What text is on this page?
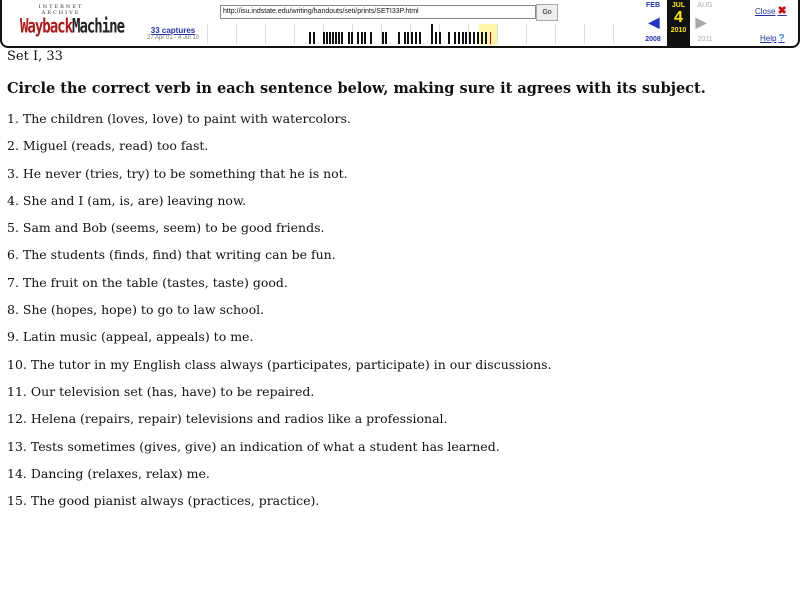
INTERNET ARCHIVE
WaybackMachine	33 captures
27 Apr 01 - 4 Jul 10
http://isu.indstate.edu/writing/handouts/seti/prints/SETI33P.html	Go
FEB
◀
2008
JUL
4
2010
AUG
▶
2011
Close ✖
Help ?
Set I, 33
Circle the correct verb in each sentence below, making sure it agrees with its subject.
1. The children (loves, love) to paint with watercolors.
2. Miguel (reads, read) too fast.
3. He never (tries, try) to be something that he is not.
4. She and I (am, is, are) leaving now.
5. Sam and Bob (seems, seem) to be good friends.
6. The students (finds, find) that writing can be fun.
7. The fruit on the table (tastes, taste) good.
8. She (hopes, hope) to go to law school.
9. Latin music (appeal, appeals) to me.
10. The tutor in my English class always (participates, participate) in our discussions.
11. Our television set (has, have) to be repaired.
12. Helena (repairs, repair) televisions and radios like a professional.
13. Tests sometimes (gives, give) an indication of what a student has learned.
14. Dancing (relaxes, relax) me.
15. The good pianist always (practices, practice).
